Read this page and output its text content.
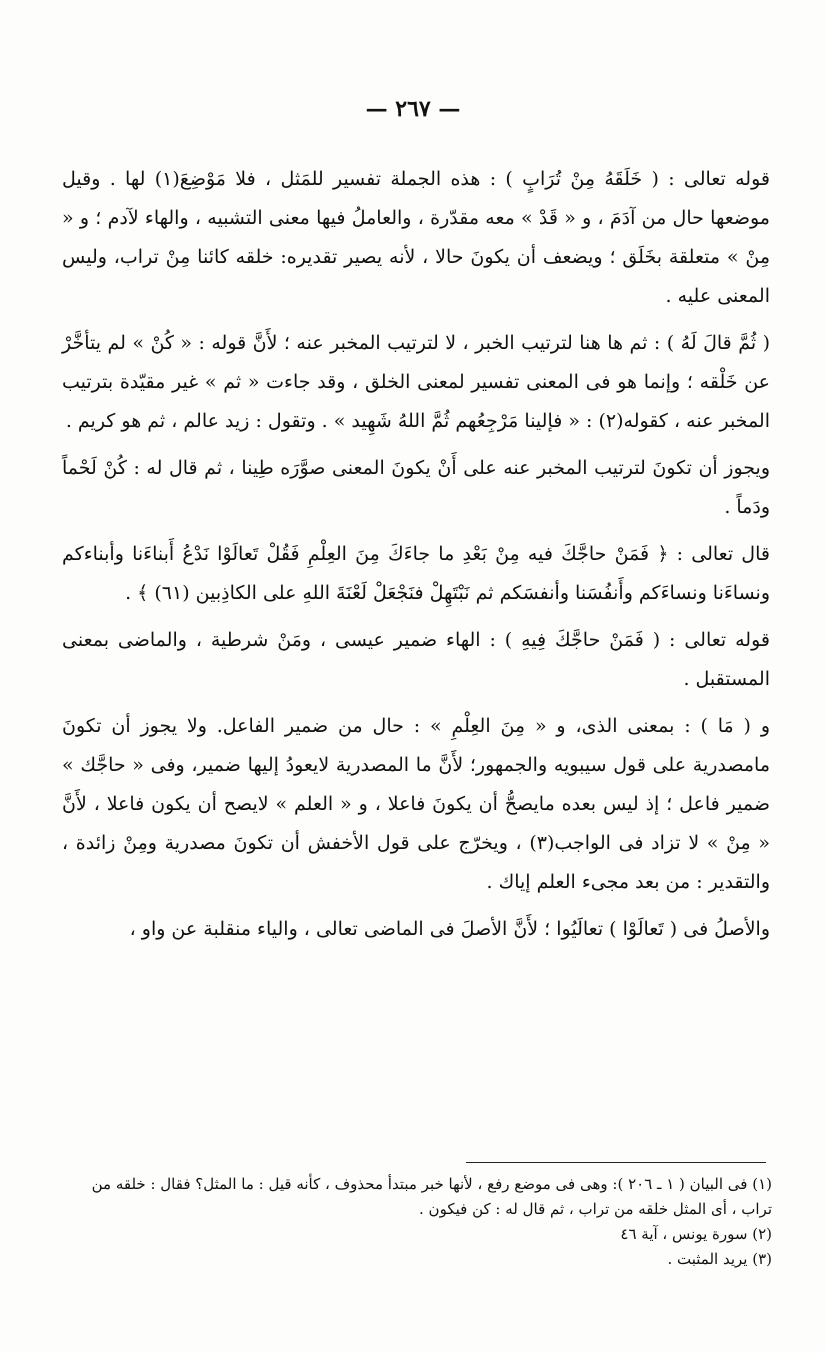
— ٢٦٧ —

قوله تعالى : ( خَلَقَهُ مِنْ تُرَابٍ ) : هذه الجملة تفسير للمَثل ، فلا مَوْضِعَ(١) لها . وقيل موضعها حال من آدَمَ ، و « قَدْ » معه مقدّرة ، والعاملُ فيها معنى التشبيه ، والهاء لآدم ؛ و « مِنْ » متعلقة بخَلَق ؛ ويضعف أن يكونَ حالا ، لأنه يصير تقديره: خلقه كائنا مِنْ تراب، وليس المعنى عليه .

( ثُمَّ قالَ لَهُ ) : ثم ها هنا لترتيب الخبر ، لا لترتيب المخبر عنه ؛ لأَنَّ قوله : « كُنْ » لم يتأخَّرْ عن خَلْقه ؛ وإنما هو فى المعنى تفسير لمعنى الخلق ، وقد جاءت « ثم » غير مقيّدة بترتيب المخبر عنه ، كقوله(٢) : « فإلينا مَرْجِعُهم ثُمَّ اللهُ شَهِيد » . وتقول : زيد عالم ، ثم هو كريم .

ويجوز أن تكونَ لترتيب المخبر عنه على أَنْ يكونَ المعنى صوَّرَه طِينا ، ثم قال له : كُنْ لَحْماً ودَماً .

قال تعالى : ﴿ فَمَنْ حاجَّكَ فيه مِنْ بَعْدِ ما جاءَكَ مِنَ العِلْمِ فَقُلْ تَعالَوْا نَدْعُ أَبناءَنا وأبناءكم ونساءَنا ونساءَكم وأَنفُسَنا وأنفسَكم ثم نَبْتَهِلْ فنَجْعَلْ لَعْنَةَ اللهِ على الكاذِبين (٦١) ﴾ .

قوله تعالى : ( فَمَنْ حاجَّكَ فِيهِ ) : الهاء ضمير عيسى ، ومَنْ شرطية ، والماضى بمعنى المستقبل .

و ( مَا ) : بمعنى الذى، و « مِنَ العِلْمِ » : حال من ضمير الفاعل. ولا يجوز أن تكونَ مامصدرية على قول سيبويه والجمهور؛ لأَنَّ ما المصدرية لايعودُ إليها ضمير، وفى « حاجَّك » ضمير فاعل ؛ إذ ليس بعده مايصحُّ أن يكونَ فاعلا ، و « العلم » لايصح أن يكون فاعلا ، لأَنَّ « مِنْ » لا تزاد فى الواجب(٣) ، ويخرّج على قول الأخفش أن تكونَ مصدرية ومِنْ زائدة ، والتقدير : من بعد مجىء العلم إياك .

والأصلُ فى ( تَعالَوْا ) تعالَيُوا ؛ لأَنَّ الأصلَ فى الماضى تعالى ، والياء منقلبة عن واو ،

(١) فى البيان ( ١ ـ ٢٠٦ ): وهى فى موضع رفع ، لأنها خبر مبتدأ محذوف ، كأنه قيل : ما المثل؟ فقال : خلقه من تراب ، أى المثل خلقه من تراب ، ثم قال له : كن فيكون .

(٢) سورة يونس ، آية ٤٦

(٣) يريد المثبت .
